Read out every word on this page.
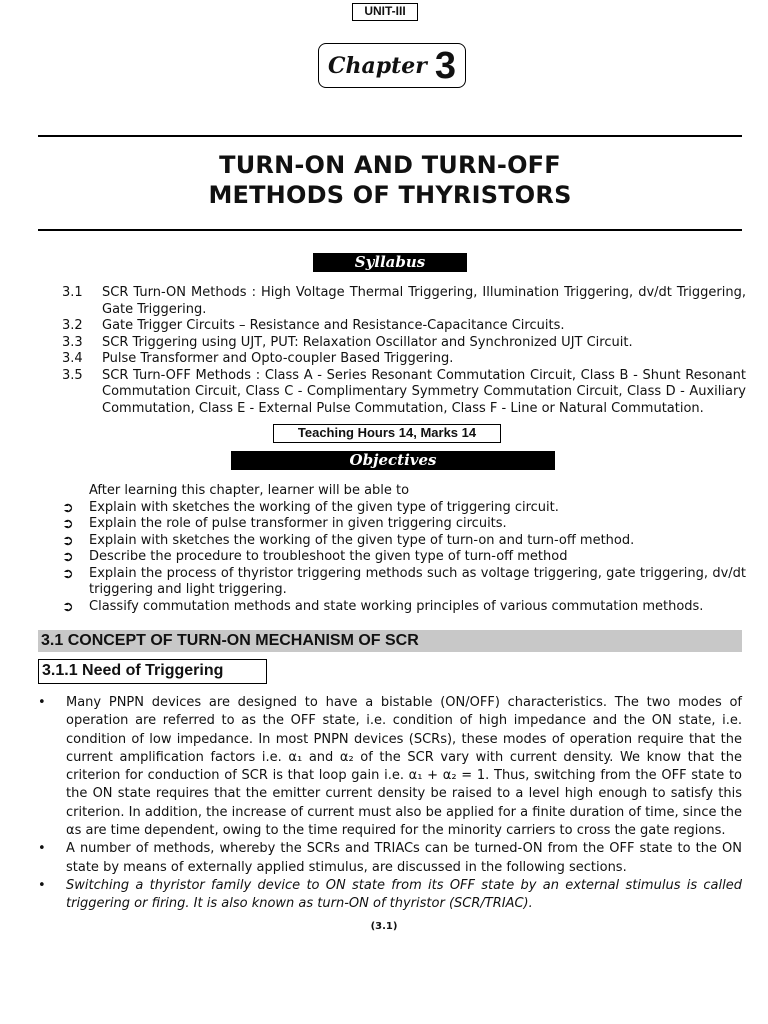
UNIT-III
Chapter 3
TURN-ON AND TURN-OFF
METHODS OF THYRISTORS
Syllabus
3.1	SCR Turn-ON Methods : High Voltage Thermal Triggering, Illumination Triggering, dv/dt Triggering, Gate Triggering.
3.2	Gate Trigger Circuits – Resistance and Resistance-Capacitance Circuits.
3.3	SCR Triggering using UJT, PUT: Relaxation Oscillator and Synchronized UJT Circuit.
3.4	Pulse Transformer and Opto-coupler Based Triggering.
3.5	SCR Turn-OFF Methods : Class A - Series Resonant Commutation Circuit, Class B - Shunt Resonant Commutation Circuit, Class C - Complimentary Symmetry Commutation Circuit, Class D - Auxiliary Commutation, Class E - External Pulse Commutation, Class F - Line or Natural Commutation.
Teaching Hours 14, Marks 14
Objectives
After learning this chapter, learner will be able to
➲	Explain with sketches the working of the given type of triggering circuit.
➲	Explain the role of pulse transformer in given triggering circuits.
➲	Explain with sketches the working of the given type of turn-on and turn-off method.
➲	Describe the procedure to troubleshoot the given type of turn-off method
➲	Explain the process of thyristor triggering methods such as voltage triggering, gate triggering, dv/dt triggering and light triggering.
➲	Classify commutation methods and state working principles of various commutation methods.
3.1 CONCEPT OF TURN-ON MECHANISM OF SCR
3.1.1 Need of Triggering
•	Many PNPN devices are designed to have a bistable (ON/OFF) characteristics. The two modes of operation are referred to as the OFF state, i.e. condition of high impedance and the ON state, i.e. condition of low impedance. In most PNPN devices (SCRs), these modes of operation require that the current amplification factors i.e. α₁ and α₂ of the SCR vary with current density. We know that the criterion for conduction of SCR is that loop gain i.e. α₁ + α₂ = 1. Thus, switching from the OFF state to the ON state requires that the emitter current density be raised to a level high enough to satisfy this criterion. In addition, the increase of current must also be applied for a finite duration of time, since the αs are time dependent, owing to the time required for the minority carriers to cross the gate regions.
•	A number of methods, whereby the SCRs and TRIACs can be turned-ON from the OFF state to the ON state by means of externally applied stimulus, are discussed in the following sections.
•	Switching a thyristor family device to ON state from its OFF state by an external stimulus is called triggering or firing. It is also known as turn-ON of thyristor (SCR/TRIAC).
(3.1)
